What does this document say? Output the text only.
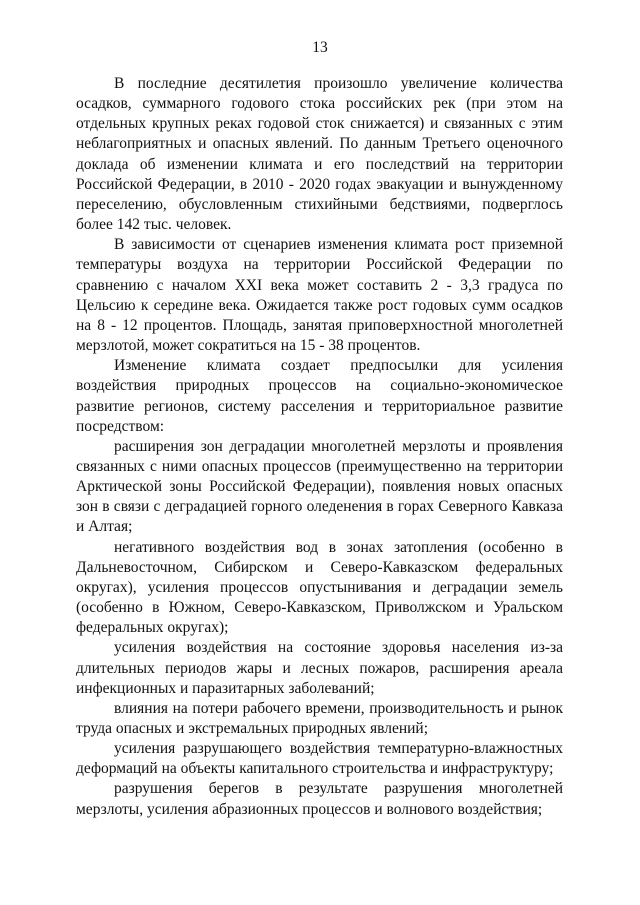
13

В последние десятилетия произошло увеличение количества осадков, суммарного годового стока российских рек (при этом на отдельных крупных реках годовой сток снижается) и связанных с этим неблагоприятных и опасных явлений. По данным Третьего оценочного доклада об изменении климата и его последствий на территории Российской Федерации, в 2010 - 2020 годах эвакуации и вынужденному переселению, обусловленным стихийными бедствиями, подверглось более 142 тыс. человек.

В зависимости от сценариев изменения климата рост приземной температуры воздуха на территории Российской Федерации по сравнению с началом XXI века может составить 2 - 3,3 градуса по Цельсию к середине века. Ожидается также рост годовых сумм осадков на 8 - 12 процентов. Площадь, занятая приповерхностной многолетней мерзлотой, может сократиться на 15 - 38 процентов.

Изменение климата создает предпосылки для усиления воздействия природных процессов на социально-экономическое развитие регионов, систему расселения и территориальное развитие посредством:

расширения зон деградации многолетней мерзлоты и проявления связанных с ними опасных процессов (преимущественно на территории Арктической зоны Российской Федерации), появления новых опасных зон в связи с деградацией горного оледенения в горах Северного Кавказа и Алтая;

негативного воздействия вод в зонах затопления (особенно в Дальневосточном, Сибирском и Северо-Кавказском федеральных округах), усиления процессов опустынивания и деградации земель (особенно в Южном, Северо-Кавказском, Приволжском и Уральском федеральных округах);

усиления воздействия на состояние здоровья населения из-за длительных периодов жары и лесных пожаров, расширения ареала инфекционных и паразитарных заболеваний;

влияния на потери рабочего времени, производительность и рынок труда опасных и экстремальных природных явлений;

усиления разрушающего воздействия температурно-влажностных деформаций на объекты капитального строительства и инфраструктуру;

разрушения берегов в результате разрушения многолетней мерзлоты, усиления абразионных процессов и волнового воздействия;
